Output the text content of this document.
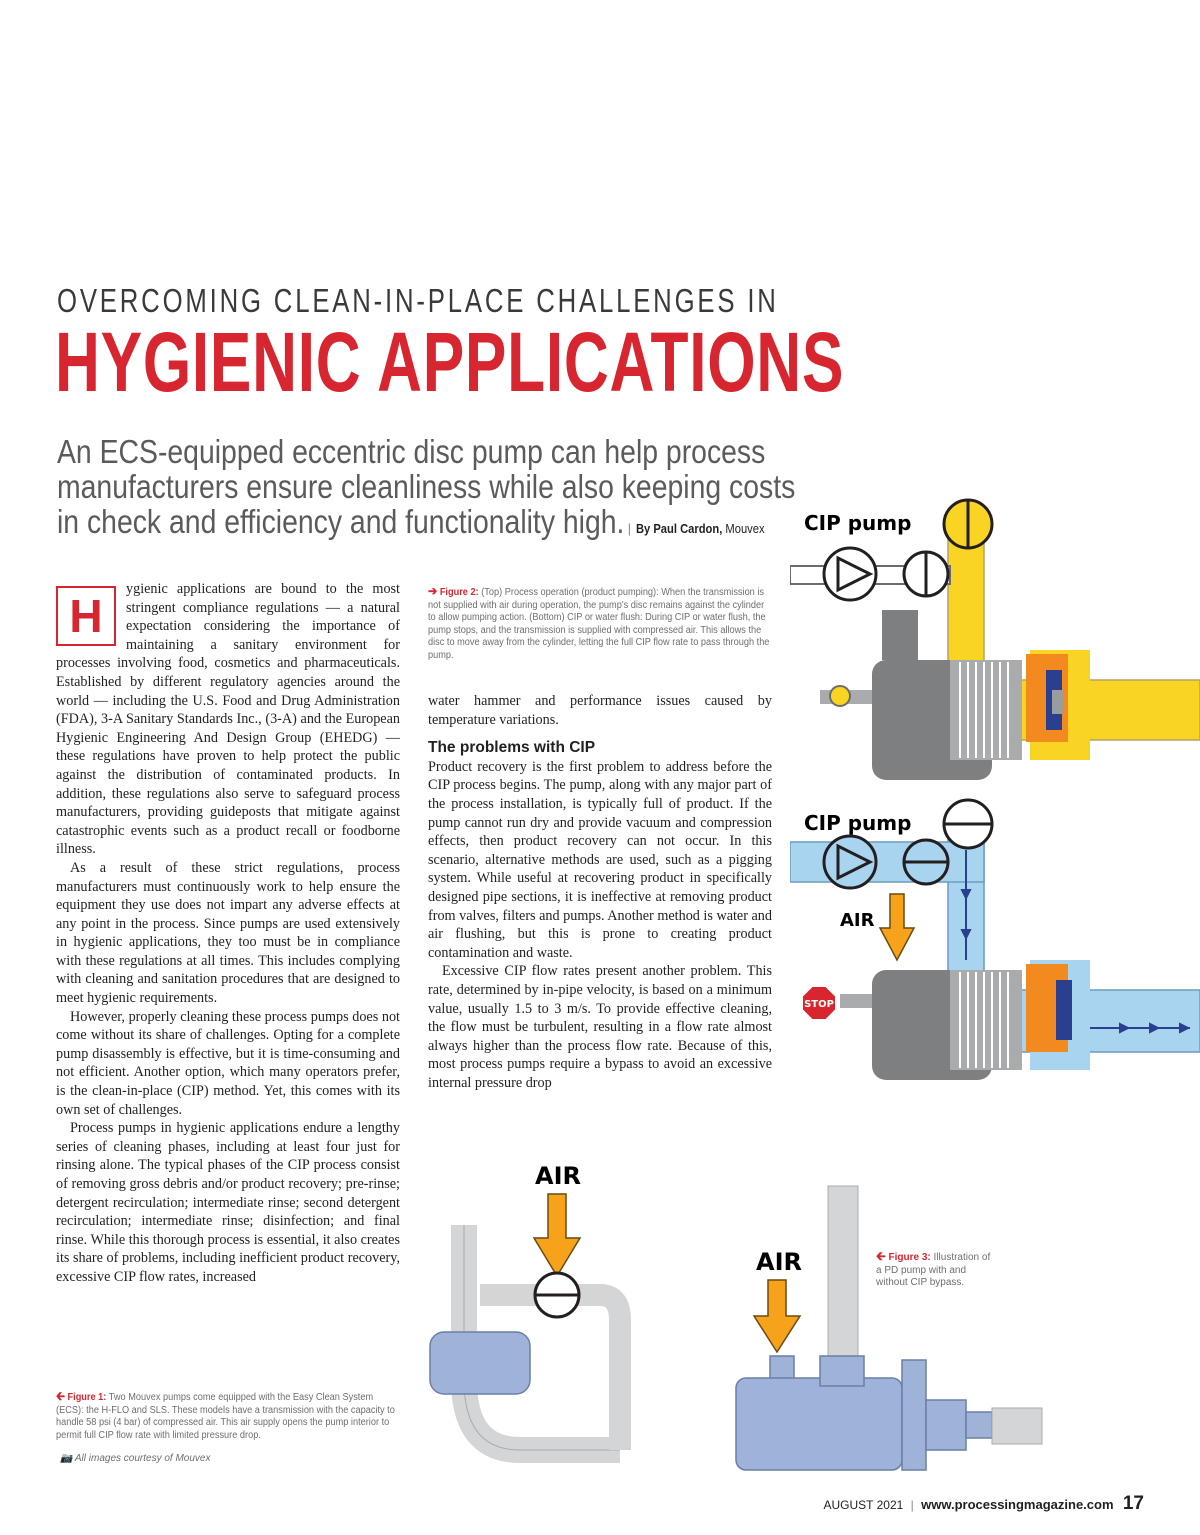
OVERCOMING CLEAN-IN-PLACE CHALLENGES IN
HYGIENIC APPLICATIONS
An ECS-equipped eccentric disc pump can help process
manufacturers ensure cleanliness while also keeping costs
in check and efficiency and functionality high. | By Paul Cardon, Mouvex
H

ygienic applications are bound to the most stringent compliance regulations — a natural expectation considering the importance of maintaining a sanitary environment for processes involving food, cosmetics and pharmaceuticals. Established by different regulatory agencies around the world — including the U.S. Food and Drug Administration (FDA), 3-A Sanitary Standards Inc., (3-A) and the European Hygienic Engineering And Design Group (EHEDG) — these regulations have proven to help protect the public against the distribution of contaminated products. In addition, these regulations also serve to safeguard process manufacturers, providing guideposts that mitigate against catastrophic events such as a product recall or foodborne illness.

As a result of these strict regulations, process manufacturers must continuously work to help ensure the equipment they use does not impart any adverse effects at any point in the process. Since pumps are used extensively in hygienic applications, they too must be in compliance with these regulations at all times. This includes complying with cleaning and sanitation procedures that are designed to meet hygienic requirements.

However, properly cleaning these process pumps does not come without its share of challenges. Opting for a complete pump disassembly is effective, but it is time-consuming and not efficient. Another option, which many operators prefer, is the clean-in-place (CIP) method. Yet, this comes with its own set of challenges.

Process pumps in hygienic applications endure a lengthy series of cleaning phases, including at least four just for rinsing alone. The typical phases of the CIP process consist of removing gross debris and/or product recovery; pre-rinse; detergent recirculation; intermediate rinse; second detergent recirculation; intermediate rinse; disinfection; and final rinse. While this thorough process is essential, it also creates its share of problems, including inefficient product recovery, excessive CIP flow rates, increased

➔ Figure 2: (Top) Process operation (product pumping): When the transmission is not supplied with air during operation, the pump's disc remains against the cylinder to allow pumping action. (Bottom) CIP or water flush: During CIP or water flush, the pump stops, and the transmission is supplied with compressed air. This allows the disc to move away from the cylinder, letting the full CIP flow rate to pass through the pump.

water hammer and performance issues caused by temperature variations.

The problems with CIP

Product recovery is the first problem to address before the CIP process begins. The pump, along with any major part of the process installation, is typically full of product. If the pump cannot run dry and provide vacuum and compression effects, then product recovery can not occur. In this scenario, alternative methods are used, such as a pigging system. While useful at recovering product in specifically designed pipe sections, it is ineffective at removing product from valves, filters and pumps. Another method is water and air flushing, but this is prone to creating product contamination and waste.

Excessive CIP flow rates present another problem. This rate, determined by in-pipe velocity, is based on a minimum value, usually 1.5 to 3 m/s. To provide effective cleaning, the flow must be turbulent, resulting in a flow rate almost always higher than the process flow rate. Because of this, most process pumps require a bypass to avoid an excessive internal pressure drop

CIP pump
CIP pump
AIR
STOP
AIR
AIR	🡰 Figure 3: Illustration of a PD pump with and without CIP bypass.
🡰 Figure 1: Two Mouvex pumps come equipped with the Easy Clean System (ECS): the H-FLO and SLS. These models have a transmission with the capacity to handle 58 psi (4 bar) of compressed air. This air supply opens the pump interior to permit full CIP flow rate with limited pressure drop.
📷 All images courtesy of Mouvex
AUGUST 2021 | www.processingmagazine.com 17
